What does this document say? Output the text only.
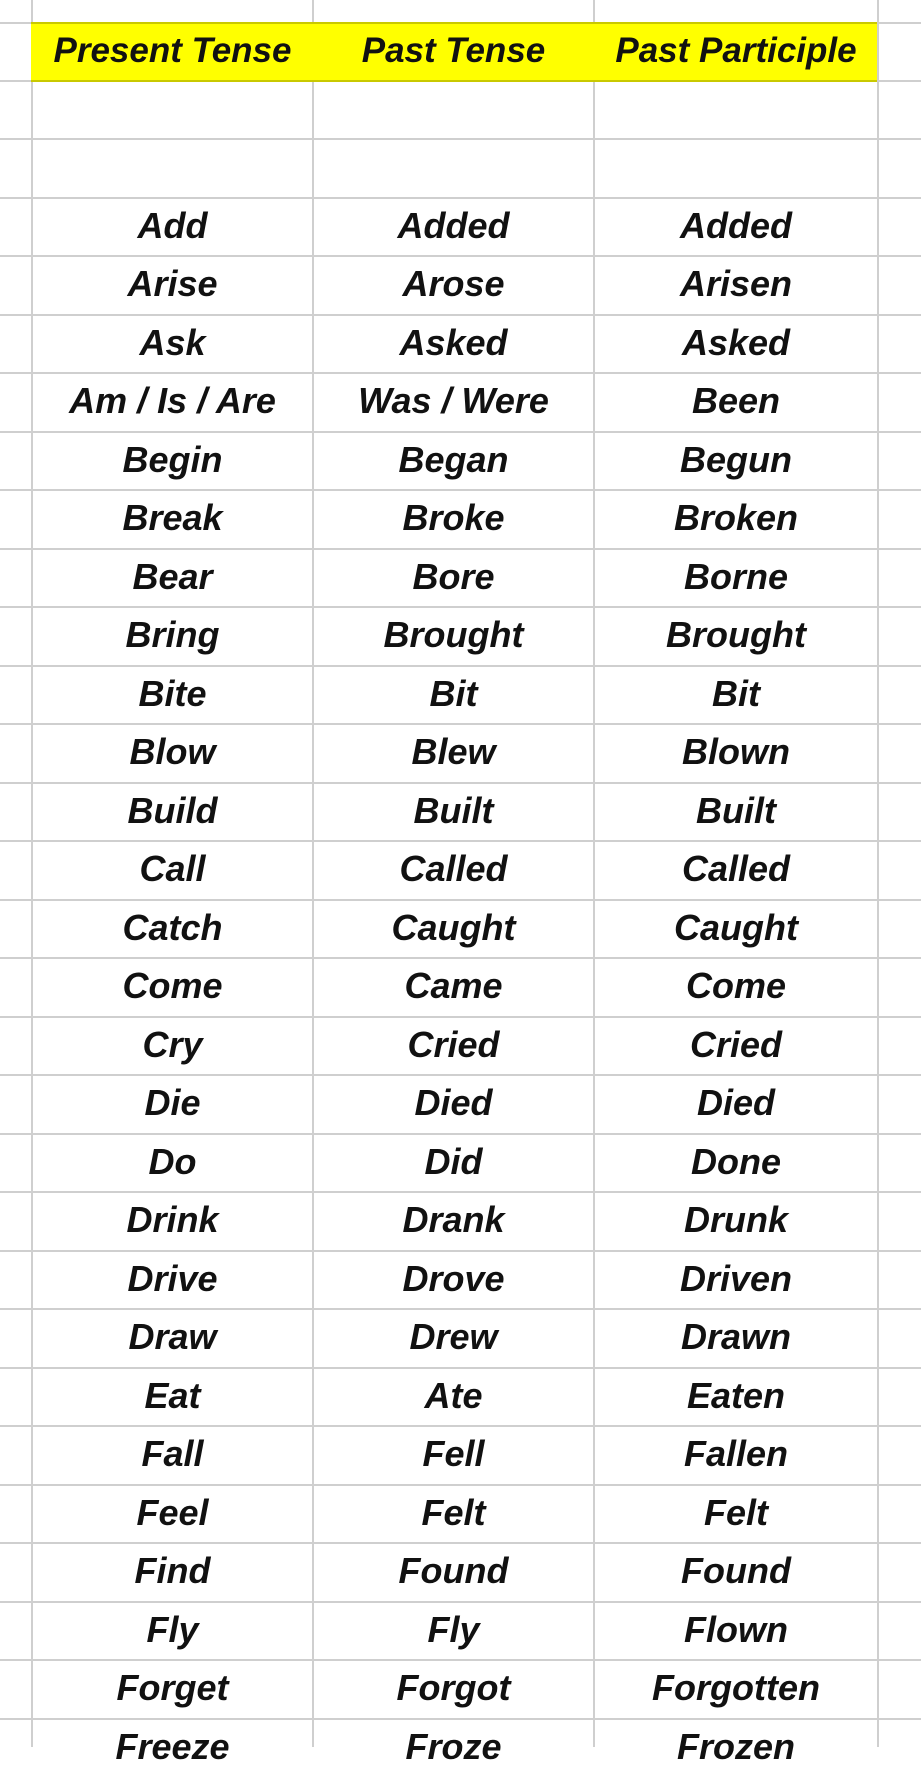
Present Tense	Past Tense	Past Participle
Add	Added	Added
Arise	Arose	Arisen
Ask	Asked	Asked
Am / Is / Are	Was / Were	Been
Begin	Began	Begun
Break	Broke	Broken
Bear	Bore	Borne
Bring	Brought	Brought
Bite	Bit	Bit
Blow	Blew	Blown
Build	Built	Built
Call	Called	Called
Catch	Caught	Caught
Come	Came	Come
Cry	Cried	Cried
Die	Died	Died
Do	Did	Done
Drink	Drank	Drunk
Drive	Drove	Driven
Draw	Drew	Drawn
Eat	Ate	Eaten
Fall	Fell	Fallen
Feel	Felt	Felt
Find	Found	Found
Fly	Fly	Flown
Forget	Forgot	Forgotten
Freeze	Froze	Frozen
